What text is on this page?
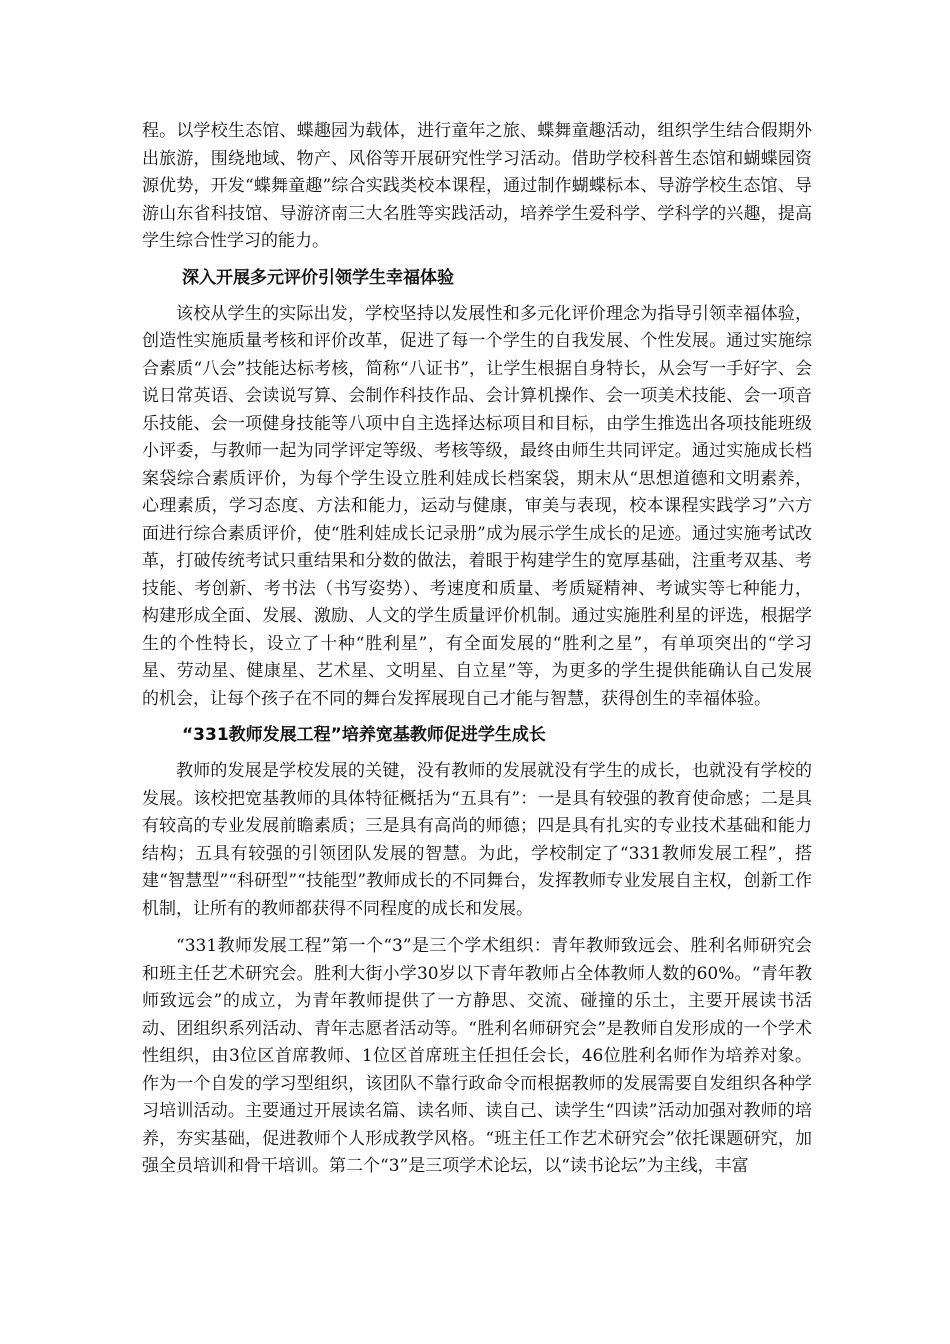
程。以学校生态馆、蝶趣园为载体，进行童年之旅、蝶舞童趣活动，组织学生结合假期外出旅游，围绕地域、物产、风俗等开展研究性学习活动。借助学校科普生态馆和蝴蝶园资源优势，开发“蝶舞童趣”综合实践类校本课程，通过制作蝴蝶标本、导游学校生态馆、导游山东省科技馆、导游济南三大名胜等实践活动，培养学生爱科学、学科学的兴趣，提高学生综合性学习的能力。

深入开展多元评价引领学生幸福体验

该校从学生的实际出发，学校坚持以发展性和多元化评价理念为指导引领幸福体验，创造性实施质量考核和评价改革，促进了每一个学生的自我发展、个性发展。通过实施综合素质“八会”技能达标考核，简称“八证书”，让学生根据自身特长，从会写一手好字、会说日常英语、会读说写算、会制作科技作品、会计算机操作、会一项美术技能、会一项音乐技能、会一项健身技能等八项中自主选择达标项目和目标，由学生推选出各项技能班级小评委，与教师一起为同学评定等级、考核等级，最终由师生共同评定。通过实施成长档案袋综合素质评价，为每个学生设立胜利娃成长档案袋，期末从“思想道德和文明素养，心理素质，学习态度、方法和能力，运动与健康，审美与表现，校本课程实践学习”六方面进行综合素质评价，使“胜利娃成长记录册”成为展示学生成长的足迹。通过实施考试改革，打破传统考试只重结果和分数的做法，着眼于构建学生的宽厚基础，注重考双基、考技能、考创新、考书法（书写姿势）、考速度和质量、考质疑精神、考诚实等七种能力，构建形成全面、发展、激励、人文的学生质量评价机制。通过实施胜利星的评选，根据学生的个性特长，设立了十种“胜利星”，有全面发展的“胜利之星”，有单项突出的“学习星、劳动星、健康星、艺术星、文明星、自立星”等，为更多的学生提供能确认自己发展的机会，让每个孩子在不同的舞台发挥展现自己才能与智慧，获得创生的幸福体验。

“331教师发展工程”培养宽基教师促进学生成长

教师的发展是学校发展的关键，没有教师的发展就没有学生的成长，也就没有学校的发展。该校把宽基教师的具体特征概括为“五具有”：一是具有较强的教育使命感；二是具有较高的专业发展前瞻素质；三是具有高尚的师德；四是具有扎实的专业技术基础和能力结构；五具有较强的引领团队发展的智慧。为此，学校制定了“331教师发展工程”，搭建“智慧型”“科研型”“技能型”教师成长的不同舞台，发挥教师专业发展自主权，创新工作机制，让所有的教师都获得不同程度的成长和发展。

“331教师发展工程”第一个“3”是三个学术组织：青年教师致远会、胜利名师研究会和班主任艺术研究会。胜利大街小学30岁以下青年教师占全体教师人数的60%。“青年教师致远会”的成立，为青年教师提供了一方静思、交流、碰撞的乐土，主要开展读书活动、团组织系列活动、青年志愿者活动等。“胜利名师研究会”是教师自发形成的一个学术性组织，由3位区首席教师、1位区首席班主任担任会长，46位胜利名师作为培养对象。作为一个自发的学习型组织，该团队不靠行政命令而根据教师的发展需要自发组织各种学习培训活动。主要通过开展读名篇、读名师、读自己、读学生“四读”活动加强对教师的培养，夯实基础，促进教师个人形成教学风格。“班主任工作艺术研究会”依托课题研究，加强全员培训和骨干培训。第二个“3”是三项学术论坛，以“读书论坛”为主线，丰富
